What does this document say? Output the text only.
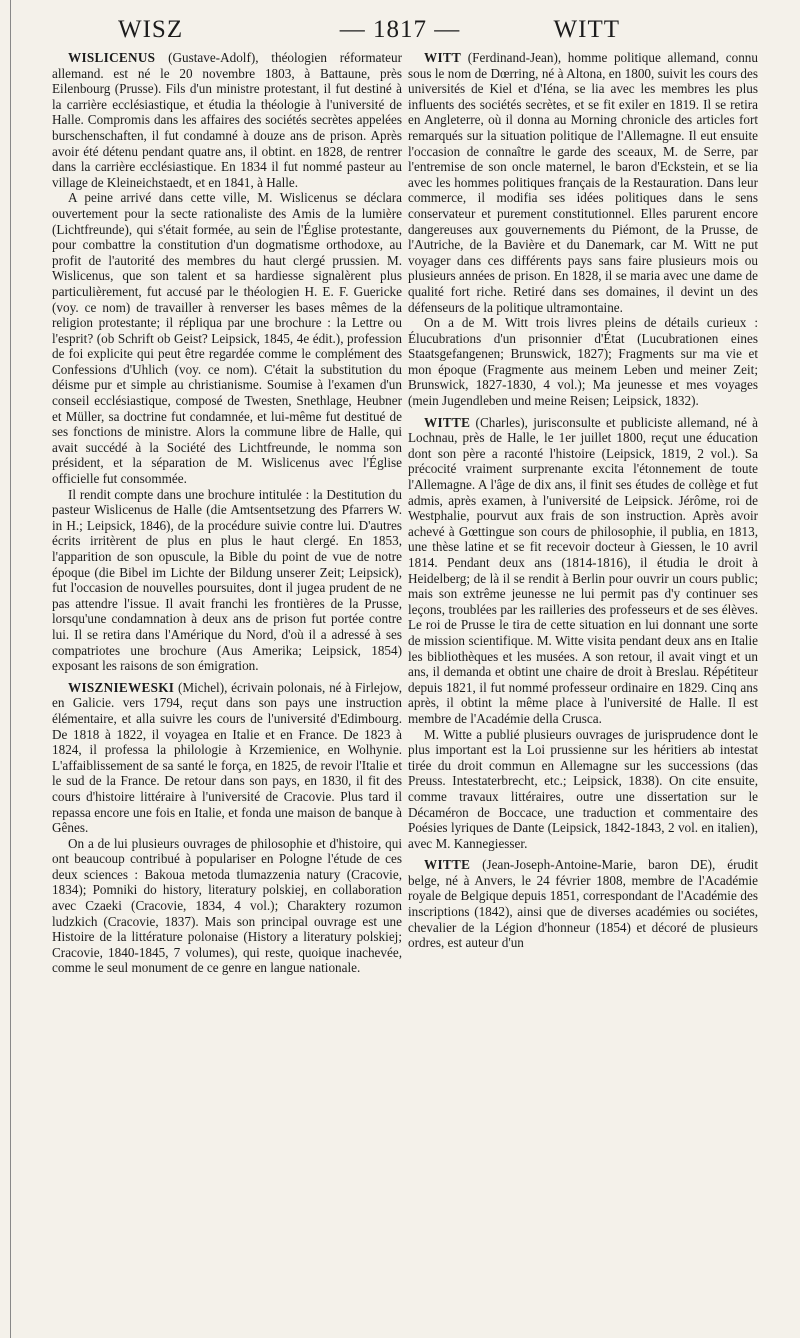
WISZ	— 1817 —	WITT

WISLICENUS (Gustave-Adolf), théologien réformateur allemand. est né le 20 novembre 1803, à Battaune, près Eilenbourg (Prusse). Fils d'un ministre protestant, il fut destiné à la carrière ecclésiastique, et étudia la théologie à l'université de Halle. Compromis dans les affaires des sociétés secrètes appelées burschenschaften, il fut condamné à douze ans de prison. Après avoir été détenu pendant quatre ans, il obtint. en 1828, de rentrer dans la carrière ecclésiastique. En 1834 il fut nommé pasteur au village de Kleineichstaedt, et en 1841, à Halle.

A peine arrivé dans cette ville, M. Wislicenus se déclara ouvertement pour la secte rationaliste des Amis de la lumière (Lichtfreunde), qui s'était formée, au sein de l'Église protestante, pour combattre la constitution d'un dogmatisme orthodoxe, au profit de l'autorité des membres du haut clergé prussien. M. Wislicenus, que son talent et sa hardiesse signalèrent plus particulièrement, fut accusé par le théologien H. E. F. Guericke (voy. ce nom) de travailler à renverser les bases mêmes de la religion protestante; il répliqua par une brochure : la Lettre ou l'esprit? (ob Schrift ob Geist? Leipsick, 1845, 4e édit.), profession de foi explicite qui peut être regardée comme le complément des Confessions d'Uhlich (voy. ce nom). C'était la substitution du déisme pur et simple au christianisme. Soumise à l'examen d'un conseil ecclésiastique, composé de Twesten, Snethlage, Heubner et Müller, sa doctrine fut condamnée, et lui-même fut destitué de ses fonctions de ministre. Alors la commune libre de Halle, qui avait succédé à la Société des Lichtfreunde, le nomma son président, et la séparation de M. Wislicenus avec l'Église officielle fut consommée.

Il rendit compte dans une brochure intitulée : la Destitution du pasteur Wislicenus de Halle (die Amtsentsetzung des Pfarrers W. in H.; Leipsick, 1846), de la procédure suivie contre lui. D'autres écrits irritèrent de plus en plus le haut clergé. En 1853, l'apparition de son opuscule, la Bible du point de vue de notre époque (die Bibel im Lichte der Bildung unserer Zeit; Leipsick), fut l'occasion de nouvelles poursuites, dont il jugea prudent de ne pas attendre l'issue. Il avait franchi les frontières de la Prusse, lorsqu'une condamnation à deux ans de prison fut portée contre lui. Il se retira dans l'Amérique du Nord, d'où il a adressé à ses compatriotes une brochure (Aus Amerika; Leipsick, 1854) exposant les raisons de son émigration.

WISZNIEWESKI (Michel), écrivain polonais, né à Firlejow, en Galicie. vers 1794, reçut dans son pays une instruction élémentaire, et alla suivre les cours de l'université d'Edimbourg. De 1818 à 1822, il voyagea en Italie et en France. De 1823 à 1824, il professa la philologie à Krzemienice, en Wolhynie. L'affaiblissement de sa santé le força, en 1825, de revoir l'Italie et le sud de la France. De retour dans son pays, en 1830, il fit des cours d'histoire littéraire à l'université de Cracovie. Plus tard il repassa encore une fois en Italie, et fonda une maison de banque à Gênes.

On a de lui plusieurs ouvrages de philosophie et d'histoire, qui ont beaucoup contribué à populariser en Pologne l'étude de ces deux sciences : Bakoua metoda tlumazzenia natury (Cracovie, 1834); Pomniki do history, literatury polskiej, en collaboration avec Czaeki (Cracovie, 1834, 4 vol.); Charaktery rozumon ludzkich (Cracovie, 1837). Mais son principal ouvrage est une Histoire de la littérature polonaise (History a literatury polskiej; Cracovie, 1840-1845, 7 volumes), qui reste, quoique inachevée, comme le seul monument de ce genre en langue nationale.

WITT (Ferdinand-Jean), homme politique allemand, connu sous le nom de Dœrring, né à Altona, en 1800, suivit les cours des universités de Kiel et d'Iéna, se lia avec les membres les plus influents des sociétés secrètes, et se fit exiler en 1819. Il se retira en Angleterre, où il donna au Morning chronicle des articles fort remarqués sur la situation politique de l'Allemagne. Il eut ensuite l'occasion de connaître le garde des sceaux, M. de Serre, par l'entremise de son oncle maternel, le baron d'Eckstein, et se lia avec les hommes politiques français de la Restauration. Dans leur commerce, il modifia ses idées politiques dans le sens conservateur et purement constitutionnel. Elles parurent encore dangereuses aux gouvernements du Piémont, de la Prusse, de l'Autriche, de la Bavière et du Danemark, car M. Witt ne put voyager dans ces différents pays sans faire plusieurs mois ou plusieurs années de prison. En 1828, il se maria avec une dame de qualité fort riche. Retiré dans ses domaines, il devint un des défenseurs de la politique ultramontaine.

On a de M. Witt trois livres pleins de détails curieux : Élucubrations d'un prisonnier d'État (Lucubrationen eines Staatsgefangenen; Brunswick, 1827); Fragments sur ma vie et mon époque (Fragmente aus meinem Leben und meiner Zeit; Brunswick, 1827-1830, 4 vol.); Ma jeunesse et mes voyages (mein Jugendleben und meine Reisen; Leipsick, 1832).

WITTE (Charles), jurisconsulte et publiciste allemand, né à Lochnau, près de Halle, le 1er juillet 1800, reçut une éducation dont son père a raconté l'histoire (Leipsick, 1819, 2 vol.). Sa précocité vraiment surprenante excita l'étonnement de toute l'Allemagne. A l'âge de dix ans, il finit ses études de collège et fut admis, après examen, à l'université de Leipsick. Jérôme, roi de Westphalie, pourvut aux frais de son instruction. Après avoir achevé à Gœttingue son cours de philosophie, il publia, en 1813, une thèse latine et se fit recevoir docteur à Giessen, le 10 avril 1814. Pendant deux ans (1814-1816), il étudia le droit à Heidelberg; de là il se rendit à Berlin pour ouvrir un cours public; mais son extrême jeunesse ne lui permit pas d'y continuer ses leçons, troublées par les railleries des professeurs et de ses élèves. Le roi de Prusse le tira de cette situation en lui donnant une sorte de mission scientifique. M. Witte visita pendant deux ans en Italie les bibliothèques et les musées. A son retour, il avait vingt et un ans, il demanda et obtint une chaire de droit à Breslau. Répétiteur depuis 1821, il fut nommé professeur ordinaire en 1829. Cinq ans après, il obtint la même place à l'université de Halle. Il est membre de l'Académie della Crusca.

M. Witte a publié plusieurs ouvrages de jurisprudence dont le plus important est la Loi prussienne sur les héritiers ab intestat tirée du droit commun en Allemagne sur les successions (das Preuss. Intestaterbrecht, etc.; Leipsick, 1838). On cite ensuite, comme travaux littéraires, outre une dissertation sur le Décaméron de Boccace, une traduction et commentaire des Poésies lyriques de Dante (Leipsick, 1842-1843, 2 vol. en italien), avec M. Kannegiesser.

WITTE (Jean-Joseph-Antoine-Marie, baron DE), érudit belge, né à Anvers, le 24 février 1808, membre de l'Académie royale de Belgique depuis 1851, correspondant de l'Académie des inscriptions (1842), ainsi que de diverses académies ou sociétes, chevalier de la Légion d'honneur (1854) et décoré de plusieurs ordres, est auteur d'un
